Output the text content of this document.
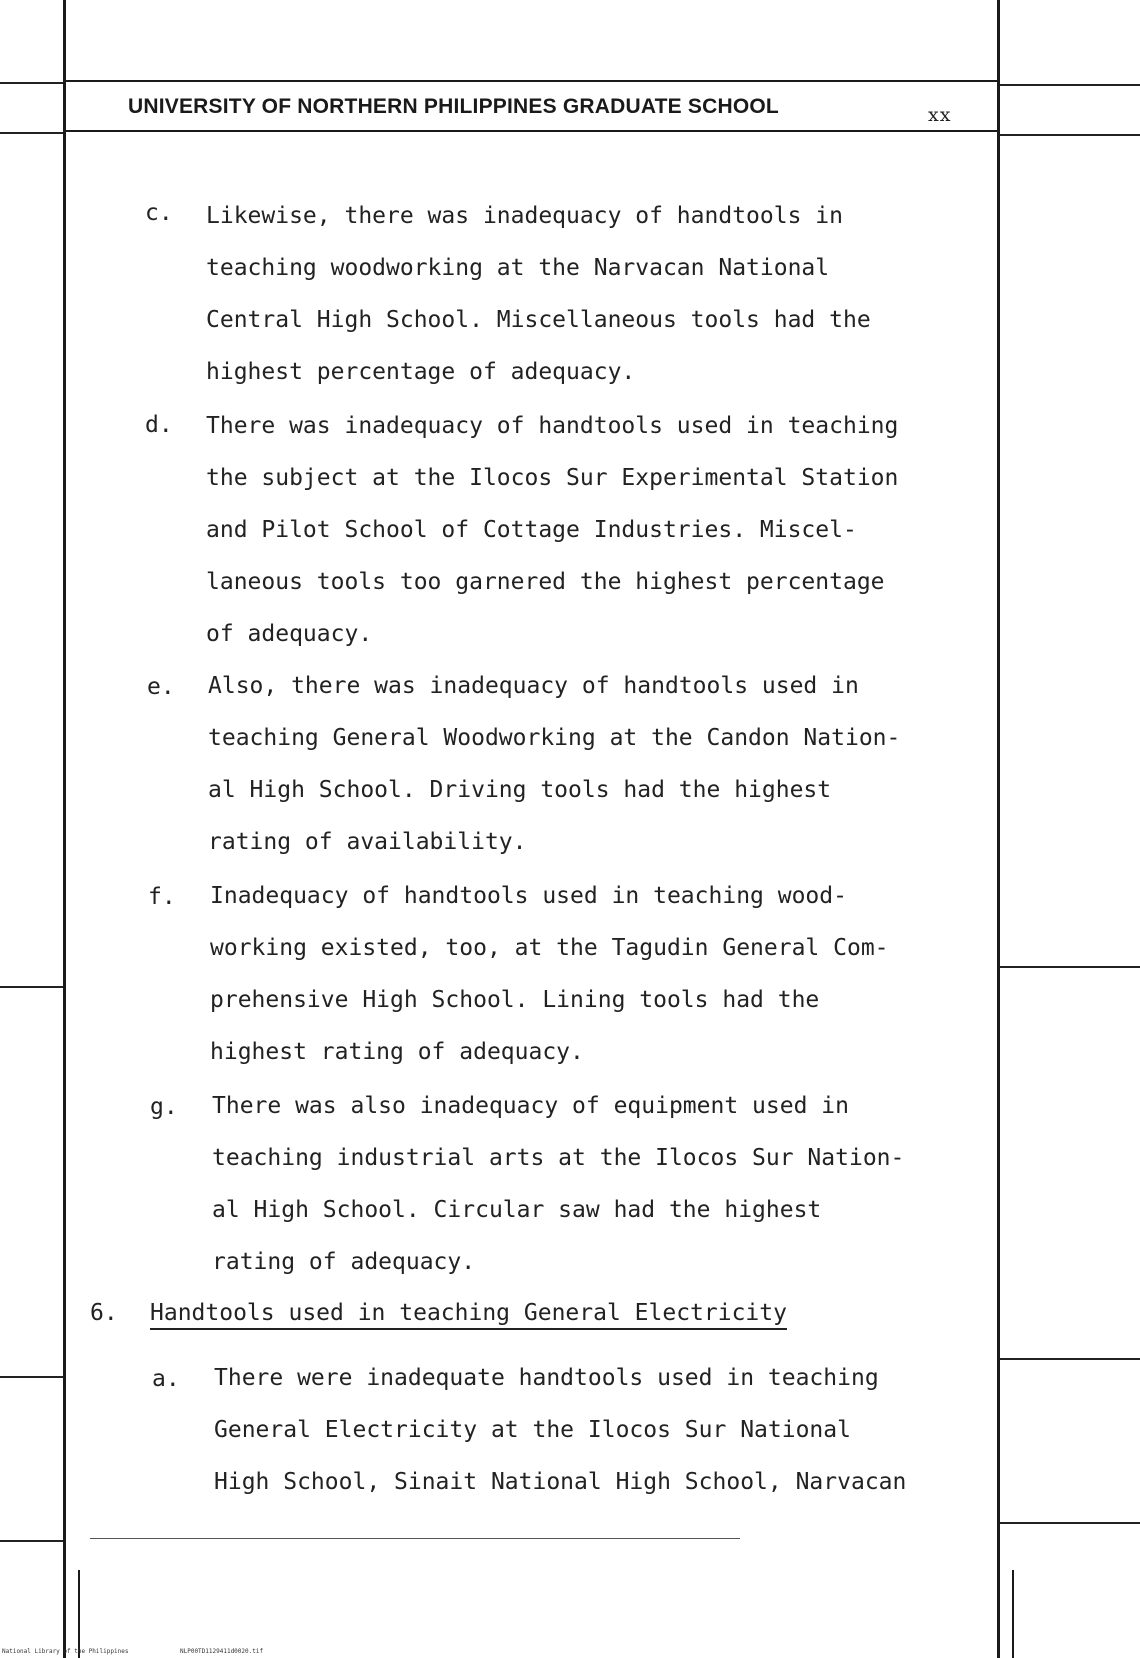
UNIVERSITY OF NORTHERN PHILIPPINES GRADUATE SCHOOL	xx
c. Likewise, there was inadequacy of handtools in
teaching woodworking at the Narvacan National
Central High School. Miscellaneous tools had the
highest percentage of adequacy.
d. There was inadequacy of handtools used in teaching
the subject at the Ilocos Sur Experimental Station
and Pilot School of Cottage Industries. Miscel-
laneous tools too garnered the highest percentage
of adequacy.
e. Also, there was inadequacy of handtools used in
teaching General Woodworking at the Candon Nation-
al High School. Driving tools had the highest
rating of availability.
f. Inadequacy of handtools used in teaching wood-
working existed, too, at the Tagudin General Com-
prehensive High School. Lining tools had the
highest rating of adequacy.
g. There was also inadequacy of equipment used in
teaching industrial arts at the Ilocos Sur Nation-
al High School. Circular saw had the highest
rating of adequacy.
6. Handtools used in teaching General Electricity
a. There were inadequate handtools used in teaching
General Electricity at the Ilocos Sur National
High School, Sinait National High School, Narvacan
National Library of the Philippines	NLP00TD1129411d0020.tif
